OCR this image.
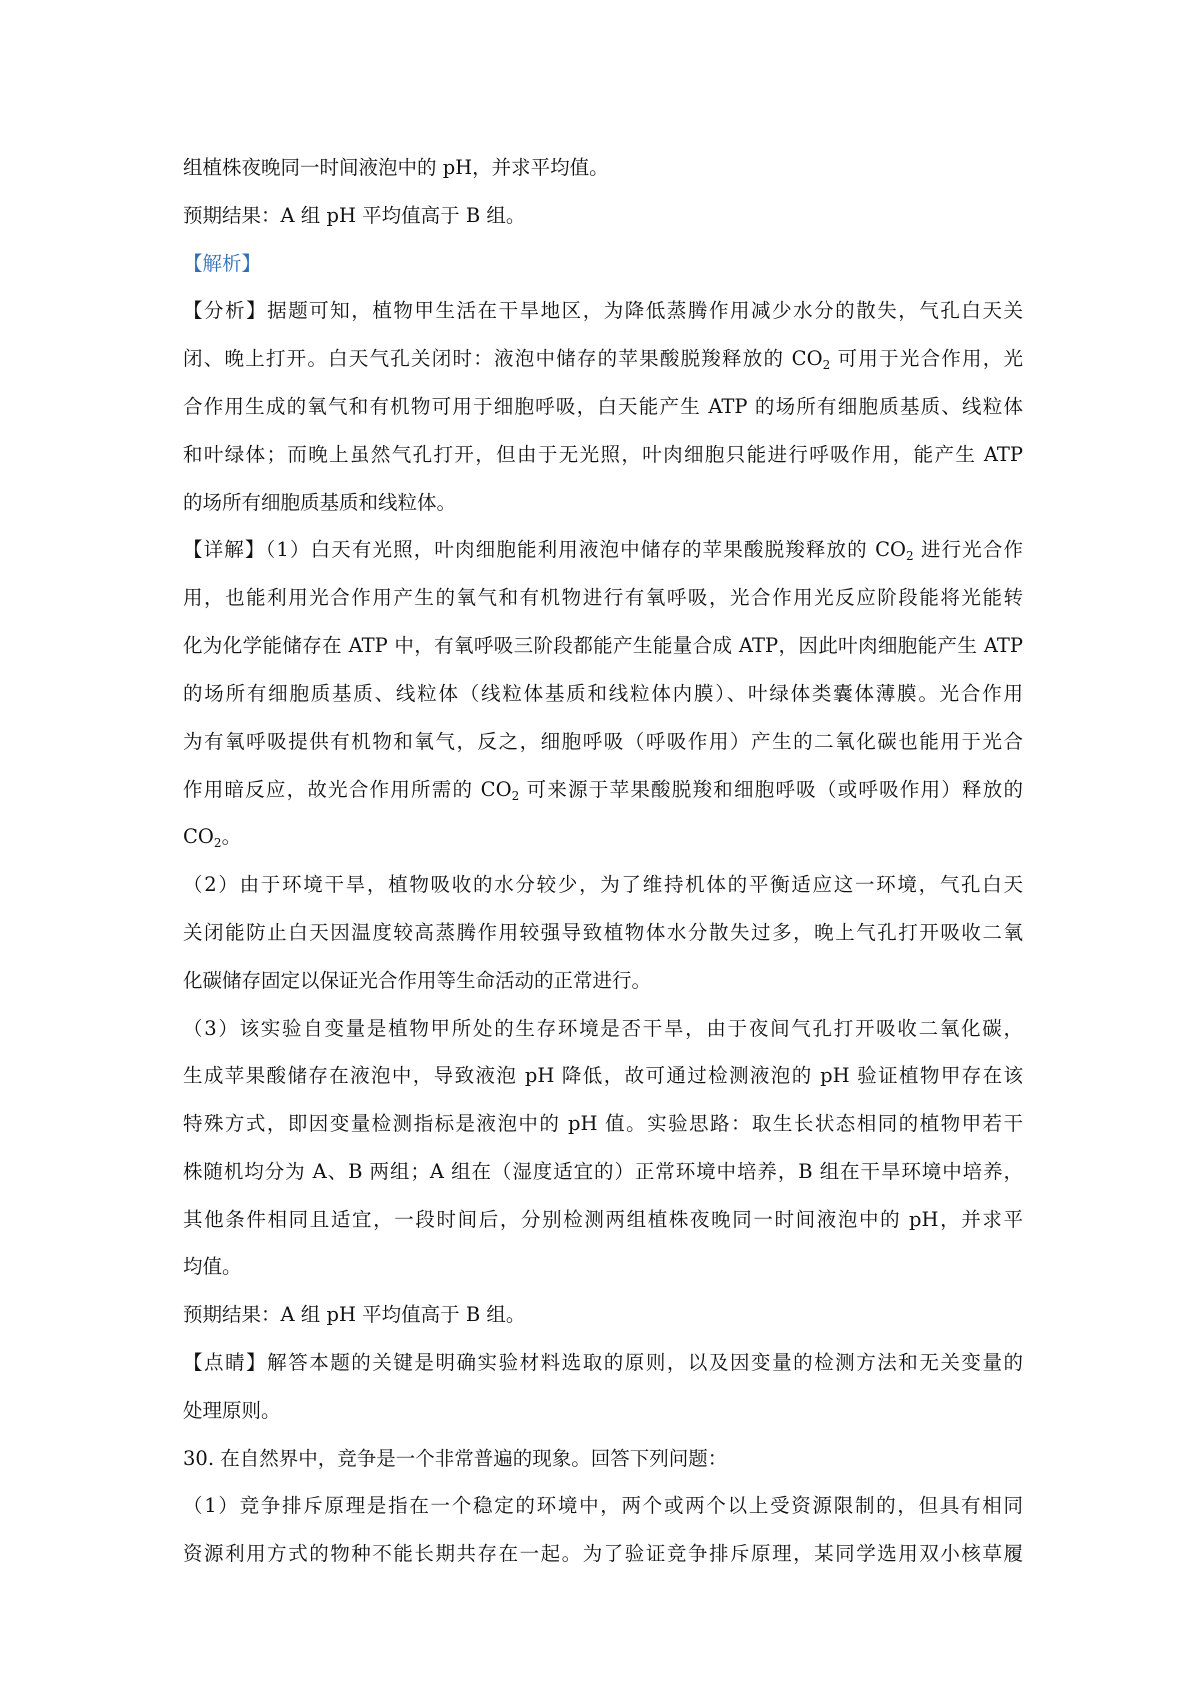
组植株夜晚同一时间液泡中的 pH，并求平均值。
预期结果：A 组 pH 平均值高于 B 组。
【解析】
【分析】据题可知，植物甲生活在干旱地区，为降低蒸腾作用减少水分的散失，气孔白天关
闭、晚上打开。白天气孔关闭时：液泡中储存的苹果酸脱羧释放的 $CO_2$ 可用于光合作用，光
合作用生成的氧气和有机物可用于细胞呼吸，白天能产生 ATP 的场所有细胞质基质、线粒体
和叶绿体；而晚上虽然气孔打开，但由于无光照，叶肉细胞只能进行呼吸作用，能产生 ATP
的场所有细胞质基质和线粒体。
【详解】（1）白天有光照，叶肉细胞能利用液泡中储存的苹果酸脱羧释放的 $CO_2$ 进行光合作
用，也能利用光合作用产生的氧气和有机物进行有氧呼吸，光合作用光反应阶段能将光能转
化为化学能储存在 ATP 中，有氧呼吸三阶段都能产生能量合成 ATP，因此叶肉细胞能产生 ATP
的场所有细胞质基质、线粒体（线粒体基质和线粒体内膜）、叶绿体类囊体薄膜。光合作用
为有氧呼吸提供有机物和氧气，反之，细胞呼吸（呼吸作用）产生的二氧化碳也能用于光合
作用暗反应，故光合作用所需的 $CO_2$ 可来源于苹果酸脱羧和细胞呼吸（或呼吸作用）释放的
$CO_2$。
（2）由于环境干旱，植物吸收的水分较少，为了维持机体的平衡适应这一环境，气孔白天
关闭能防止白天因温度较高蒸腾作用较强导致植物体水分散失过多，晚上气孔打开吸收二氧
化碳储存固定以保证光合作用等生命活动的正常进行。
（3）该实验自变量是植物甲所处的生存环境是否干旱，由于夜间气孔打开吸收二氧化碳，
生成苹果酸储存在液泡中，导致液泡 pH 降低，故可通过检测液泡的 pH 验证植物甲存在该
特殊方式，即因变量检测指标是液泡中的 pH 值。实验思路：取生长状态相同的植物甲若干
株随机均分为 A、B 两组；A 组在（湿度适宜的）正常环境中培养，B 组在干旱环境中培养，
其他条件相同且适宜，一段时间后，分别检测两组植株夜晚同一时间液泡中的 pH，并求平
均值。
预期结果：A 组 pH 平均值高于 B 组。
【点睛】解答本题的关键是明确实验材料选取的原则，以及因变量的检测方法和无关变量的
处理原则。
30. 在自然界中，竞争是一个非常普遍的现象。回答下列问题：
（1）竞争排斥原理是指在一个稳定的环境中，两个或两个以上受资源限制的，但具有相同
资源利用方式的物种不能长期共存在一起。为了验证竞争排斥原理，某同学选用双小核草履
